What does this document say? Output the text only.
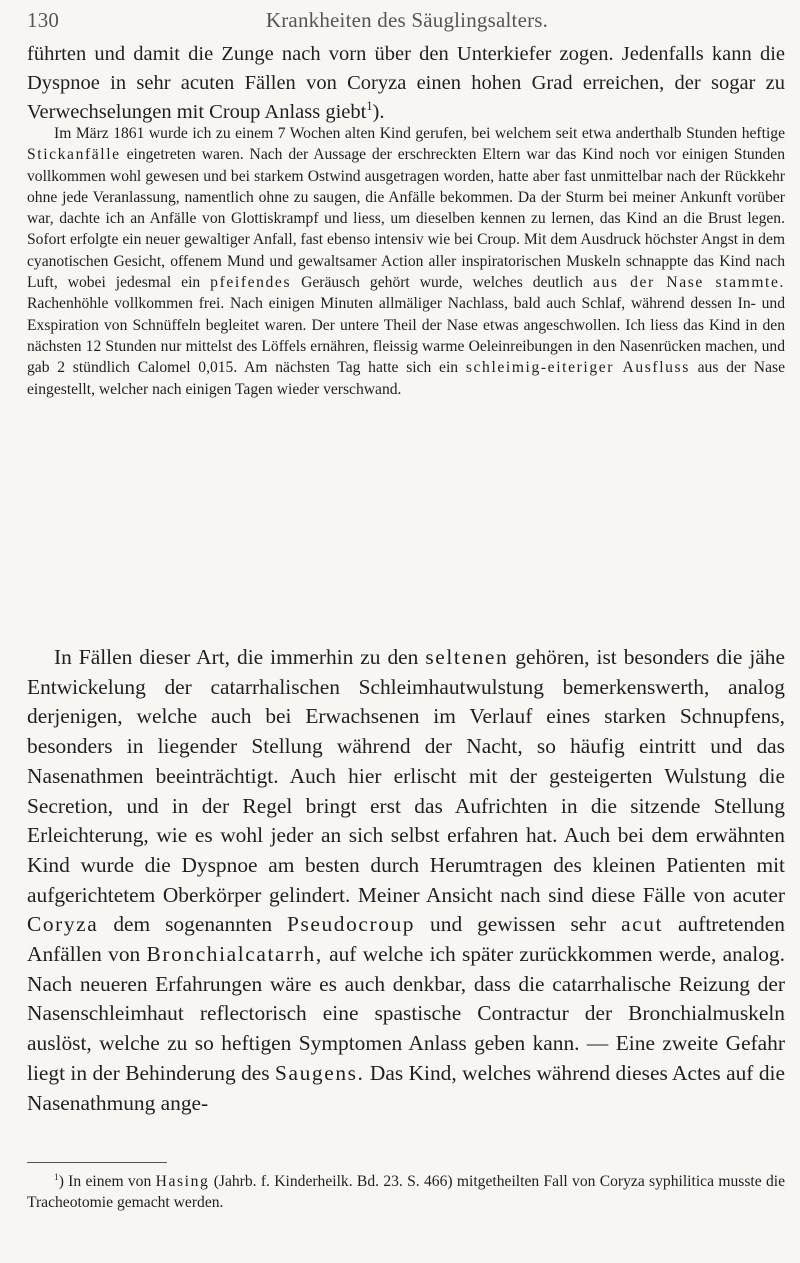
130	Krankheiten des Säuglingsalters.

führten und damit die Zunge nach vorn über den Unterkiefer zogen. Jedenfalls kann die Dyspnoe in sehr acuten Fällen von Coryza einen hohen Grad erreichen, der sogar zu Verwechselungen mit Croup Anlass giebt$^1$).

Im März 1861 wurde ich zu einem 7 Wochen alten Kind gerufen, bei welchem seit etwa anderthalb Stunden heftige Stickanfälle eingetreten waren. Nach der Aussage der erschreckten Eltern war das Kind noch vor einigen Stunden vollkommen wohl gewesen und bei starkem Ostwind ausgetragen worden, hatte aber fast unmittelbar nach der Rückkehr ohne jede Veranlassung, namentlich ohne zu saugen, die Anfälle bekommen. Da der Sturm bei meiner Ankunft vorüber war, dachte ich an Anfälle von Glottiskrampf und liess, um dieselben kennen zu lernen, das Kind an die Brust legen. Sofort erfolgte ein neuer gewaltiger Anfall, fast ebenso intensiv wie bei Croup. Mit dem Ausdruck höchster Angst in dem cyanotischen Gesicht, offenem Mund und gewaltsamer Action aller inspiratorischen Muskeln schnappte das Kind nach Luft, wobei jedesmal ein pfeifendes Geräusch gehört wurde, welches deutlich aus der Nase stammte. Rachenhöhle vollkommen frei. Nach einigen Minuten allmäliger Nachlass, bald auch Schlaf, während dessen In- und Exspiration von Schnüffeln begleitet waren. Der untere Theil der Nase etwas angeschwollen. Ich liess das Kind in den nächsten 12 Stunden nur mittelst des Löffels ernähren, fleissig warme Oeleinreibungen in den Nasenrücken machen, und gab 2 stündlich Calomel 0,015. Am nächsten Tag hatte sich ein schleimig-eiteriger Ausfluss aus der Nase eingestellt, welcher nach einigen Tagen wieder verschwand.

In Fällen dieser Art, die immerhin zu den seltenen gehören, ist besonders die jähe Entwickelung der catarrhalischen Schleimhautwulstung bemerkenswerth, analog derjenigen, welche auch bei Erwachsenen im Verlauf eines starken Schnupfens, besonders in liegender Stellung während der Nacht, so häufig eintritt und das Nasenathmen beeinträchtigt. Auch hier erlischt mit der gesteigerten Wulstung die Secretion, und in der Regel bringt erst das Aufrichten in die sitzende Stellung Erleichterung, wie es wohl jeder an sich selbst erfahren hat. Auch bei dem erwähnten Kind wurde die Dyspnoe am besten durch Herumtragen des kleinen Patienten mit aufgerichtetem Oberkörper gelindert. Meiner Ansicht nach sind diese Fälle von acuter Coryza dem sogenannten Pseudocroup und gewissen sehr acut auftretenden Anfällen von Bronchialcatarrh, auf welche ich später zurückkommen werde, analog. Nach neueren Erfahrungen wäre es auch denkbar, dass die catarrhalische Reizung der Nasenschleimhaut reflectorisch eine spastische Contractur der Bronchialmuskeln auslöst, welche zu so heftigen Symptomen Anlass geben kann. — Eine zweite Gefahr liegt in der Behinderung des Saugens. Das Kind, welches während dieses Actes auf die Nasenathmung ange-

$^1$) In einem von Hasing (Jahrb. f. Kinderheilk. Bd. 23. S. 466) mitgetheilten Fall von Coryza syphilitica musste die Tracheotomie gemacht werden.
